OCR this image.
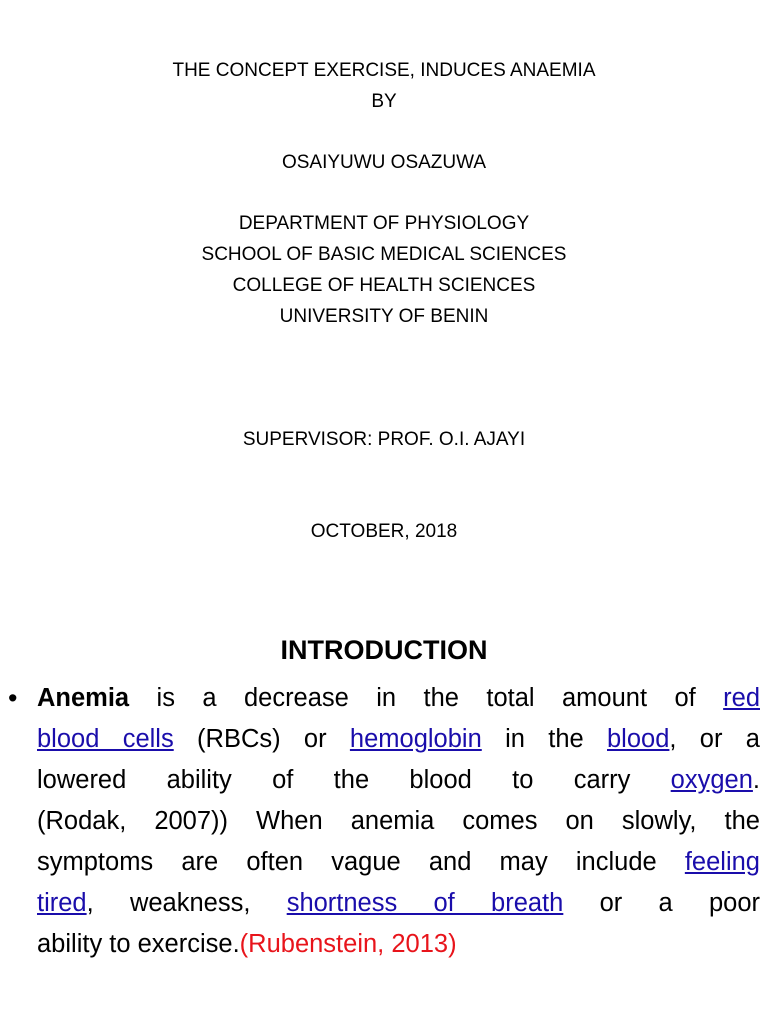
THE CONCEPT EXERCISE, INDUCES ANAEMIA
BY
OSAIYUWU OSAZUWA
DEPARTMENT OF PHYSIOLOGY
SCHOOL OF BASIC MEDICAL SCIENCES
COLLEGE OF HEALTH SCIENCES
UNIVERSITY OF BENIN
SUPERVISOR: PROF. O.I. AJAYI
OCTOBER, 2018
INTRODUCTION
• Anemia is a decrease in the total amount of red
blood cells (RBCs) or hemoglobin in the blood, or a
lowered ability of the blood to carry oxygen.
(Rodak, 2007)) When anemia comes on slowly, the
symptoms are often vague and may include feeling
tired, weakness, shortness of breath or a poor
ability to exercise.(Rubenstein, 2013)
